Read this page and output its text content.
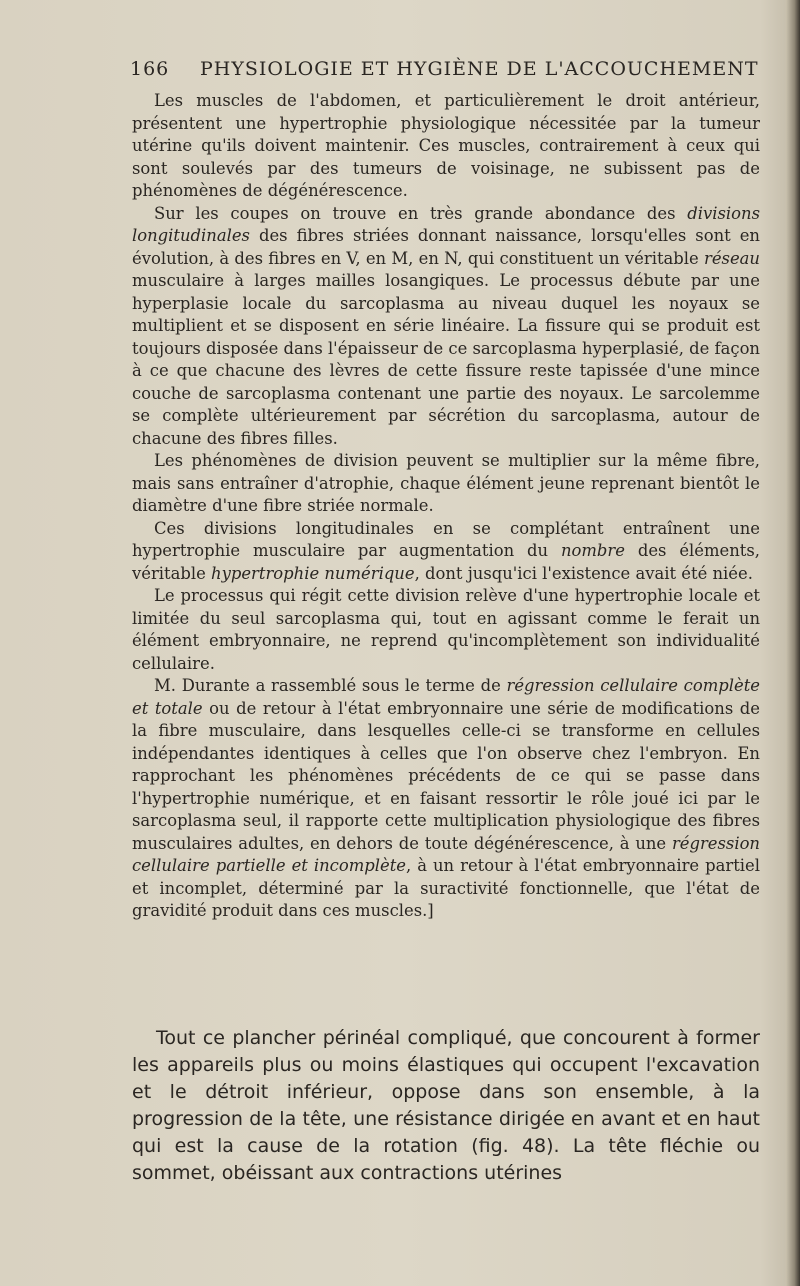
166 PHYSIOLOGIE ET HYGIÈNE DE L'ACCOUCHEMENT

Les muscles de l'abdomen, et particulièrement le droit antérieur, présentent une hypertrophie physiologique nécessitée par la tumeur utérine qu'ils doivent maintenir. Ces muscles, contrairement à ceux qui sont soulevés par des tumeurs de voisinage, ne subissent pas de phénomènes de dégénérescence.

Sur les coupes on trouve en très grande abondance des divisions longitudinales des fibres striées donnant naissance, lorsqu'elles sont en évolution, à des fibres en V, en M, en N, qui constituent un véritable réseau musculaire à larges mailles losangiques. Le processus débute par une hyperplasie locale du sarcoplasma au niveau duquel les noyaux se multiplient et se disposent en série linéaire. La fissure qui se produit est toujours disposée dans l'épaisseur de ce sarcoplasma hyperplasié, de façon à ce que chacune des lèvres de cette fissure reste tapissée d'une mince couche de sarcoplasma contenant une partie des noyaux. Le sarcolemme se complète ultérieurement par sécrétion du sarcoplasma, autour de chacune des fibres filles.

Les phénomènes de division peuvent se multiplier sur la même fibre, mais sans entraîner d'atrophie, chaque élément jeune reprenant bientôt le diamètre d'une fibre striée normale.

Ces divisions longitudinales en se complétant entraînent une hypertrophie musculaire par augmentation du nombre des éléments, véritable hypertrophie numérique, dont jusqu'ici l'existence avait été niée.

Le processus qui régit cette division relève d'une hypertrophie locale et limitée du seul sarcoplasma qui, tout en agissant comme le ferait un élément embryonnaire, ne reprend qu'incomplètement son individualité cellulaire.

M. Durante a rassemblé sous le terme de régression cellulaire complète et totale ou de retour à l'état embryonnaire une série de modifications de la fibre musculaire, dans lesquelles celle-ci se transforme en cellules indépendantes identiques à celles que l'on observe chez l'embryon. En rapprochant les phénomènes précédents de ce qui se passe dans l'hypertrophie numérique, et en faisant ressortir le rôle joué ici par le sarcoplasma seul, il rapporte cette multiplication physiologique des fibres musculaires adultes, en dehors de toute dégénérescence, à une régression cellulaire partielle et incomplète, à un retour à l'état embryonnaire partiel et incomplet, déterminé par la suractivité fonctionnelle, que l'état de gravidité produit dans ces muscles.]

Tout ce plancher périnéal compliqué, que concourent à former les appareils plus ou moins élastiques qui occupent l'excavation et le détroit inférieur, oppose dans son ensemble, à la progression de la tête, une résistance dirigée en avant et en haut qui est la cause de la rotation (fig. 48). La tête fléchie ou sommet, obéissant aux contractions utérines
